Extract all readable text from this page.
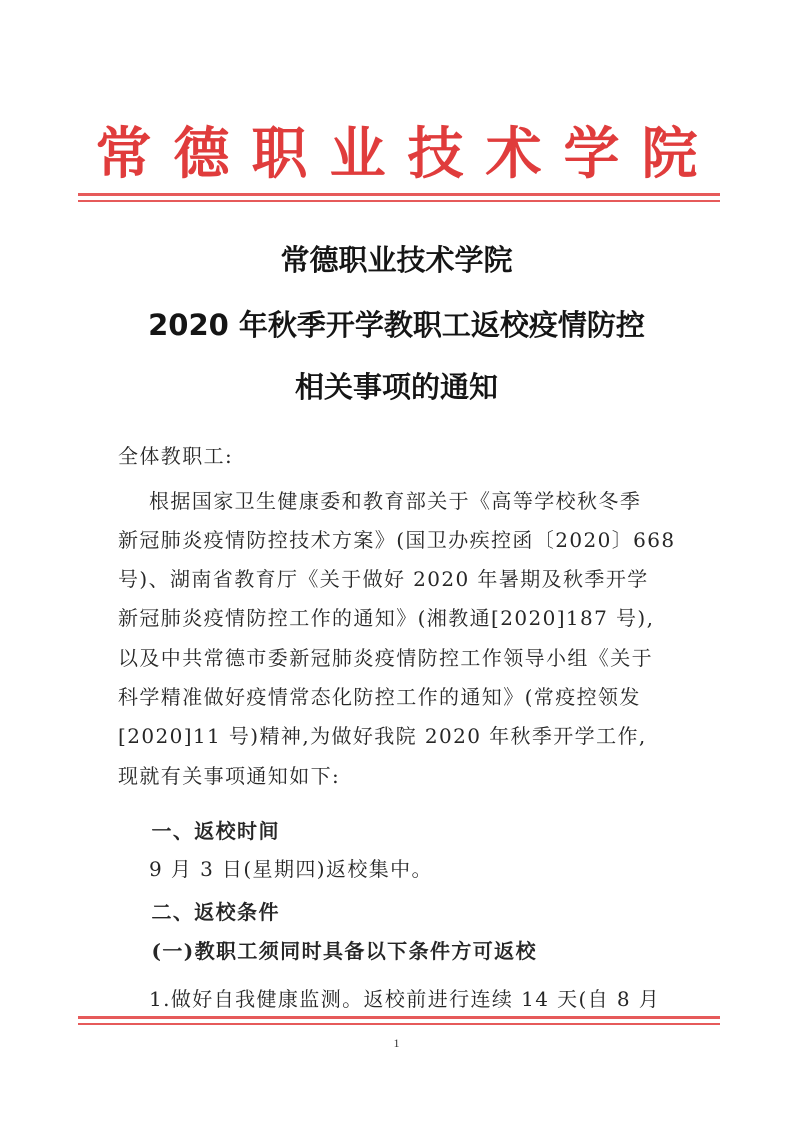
常德职业技术学院
常德职业技术学院
2020 年秋季开学教职工返校疫情防控
相关事项的通知
全体教职工:
根据国家卫生健康委和教育部关于《高等学校秋冬季
新冠肺炎疫情防控技术方案》(国卫办疾控函〔2020〕668
号)、湖南省教育厅《关于做好 2020 年暑期及秋季开学
新冠肺炎疫情防控工作的通知》(湘教通[2020]187 号),
以及中共常德市委新冠肺炎疫情防控工作领导小组《关于
科学精准做好疫情常态化防控工作的通知》(常疫控领发
[2020]11 号)精神,为做好我院 2020 年秋季开学工作,
现就有关事项通知如下:
一、返校时间
9 月 3 日(星期四)返校集中。
二、返校条件
(一)教职工须同时具备以下条件方可返校
1.做好自我健康监测。返校前进行连续 14 天(自 8 月
1
